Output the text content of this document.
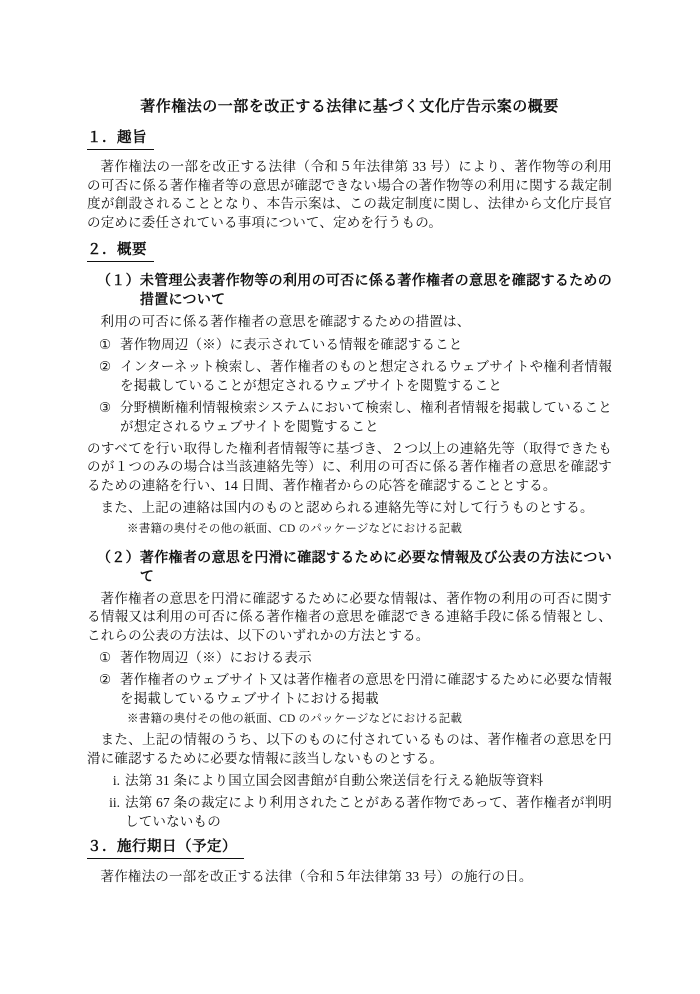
著作権法の一部を改正する法律に基づく文化庁告示案の概要
１．趣旨

著作権法の一部を改正する法律（令和５年法律第 33 号）により、著作物等の利用の可否に係る著作権者等の意思が確認できない場合の著作物等の利用に関する裁定制度が創設されることとなり、本告示案は、この裁定制度に関し、法律から文化庁長官の定めに委任されている事項について、定めを行うもの。

２．概要
（１） 未管理公表著作物等の利用の可否に係る著作権者の意思を確認するための措置について

利用の可否に係る著作権者の意思を確認するための措置は、

① 著作物周辺（※）に表示されている情報を確認すること
② インターネット検索し、著作権者のものと想定されるウェブサイトや権利者情報を掲載していることが想定されるウェブサイトを閲覧すること
③ 分野横断権利情報検索システムにおいて検索し、権利者情報を掲載していることが想定されるウェブサイトを閲覧すること

のすべてを行い取得した権利者情報等に基づき、２つ以上の連絡先等（取得できたものが１つのみの場合は当該連絡先等）に、利用の可否に係る著作権者の意思を確認するための連絡を行い、14 日間、著作権者からの応答を確認することとする。

また、上記の連絡は国内のものと認められる連絡先等に対して行うものとする。

※書籍の奥付その他の紙面、CD のパッケージなどにおける記載
（２） 著作権者の意思を円滑に確認するために必要な情報及び公表の方法について

著作権者の意思を円滑に確認するために必要な情報は、著作物の利用の可否に関する情報又は利用の可否に係る著作権者の意思を確認できる連絡手段に係る情報とし、これらの公表の方法は、以下のいずれかの方法とする。

① 著作物周辺（※）における表示
② 著作権者のウェブサイト又は著作権者の意思を円滑に確認するために必要な情報を掲載しているウェブサイトにおける掲載
※書籍の奥付その他の紙面、CD のパッケージなどにおける記載

また、上記の情報のうち、以下のものに付されているものは、著作権者の意思を円滑に確認するために必要な情報に該当しないものとする。

i. 法第 31 条により国立国会図書館が自動公衆送信を行える絶版等資料
ii. 法第 67 条の裁定により利用されたことがある著作物であって、著作権者が判明していないもの
３．施行期日（予定）

著作権法の一部を改正する法律（令和５年法律第 33 号）の施行の日。
